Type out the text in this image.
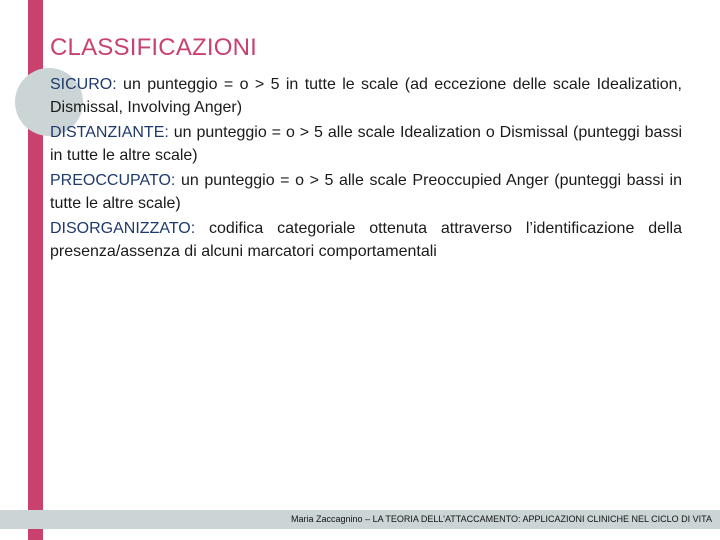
CLASSIFICAZIONI

SICURO: un punteggio = o > 5 in tutte le scale (ad eccezione delle scale Idealization, Dismissal, Involving Anger)

DISTANZIANTE: un punteggio = o > 5 alle scale Idealization o Dismissal (punteggi bassi in tutte le altre scale)

PREOCCUPATO: un punteggio = o > 5 alle scale Preoccupied Anger (punteggi bassi in tutte le altre scale)

DISORGANIZZATO: codifica categoriale ottenuta attraverso l’identificazione della presenza/assenza di alcuni marcatori comportamentali

Maria Zaccagnino – LA TEORIA DELL’ATTACCAMENTO: APPLICAZIONI CLINICHE NEL CICLO DI VITA
